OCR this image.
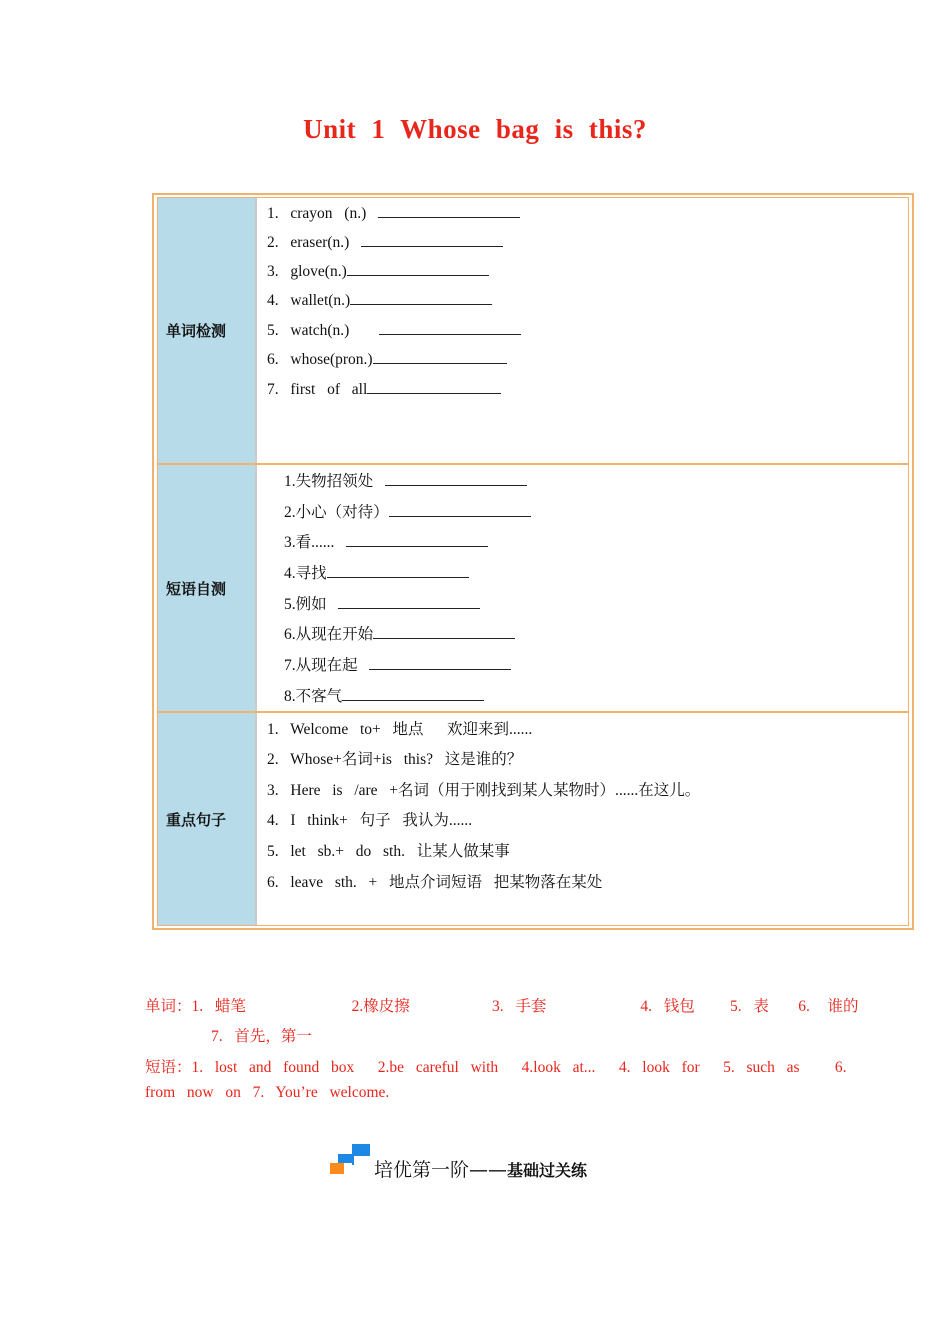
Unit 1 Whose bag is this?
单词检测
1.  crayon  (n.)
2.  eraser(n.)
3.  glove(n.)
4.  wallet(n.)
5.  watch(n.)
6.  whose(pron.)
7.  first  of  all
短语自测
1.失物招领处
2.小心（对待）
3.看......
4.寻找
5.例如
6.从现在开始
7.从现在起
8.不客气
重点句子
1.  Welcome  to+  地点    欢迎来到......
2.  Whose+名词+is  this?  这是谁的？
3.  Here  is  /are  +名词（用于刚找到某人某物时）......在这儿。
4.  I  think+  句子  我认为......
5.  let  sb.+  do  sth.  让某人做某事
6.  leave  sth.  +  地点介词短语  把某物落在某处
单词：1.  蜡笔                  2.橡皮擦              3.  手套                4.  钱包      5.  表     6.   谁的
7.  首先，第一
短语：1.  lost  and  found  box    2.be  careful  with    4.look  at...    4.  look  for    5.  such  as      6.
from  now  on  7.  You’re  welcome.
培优第一阶——基础过关练
